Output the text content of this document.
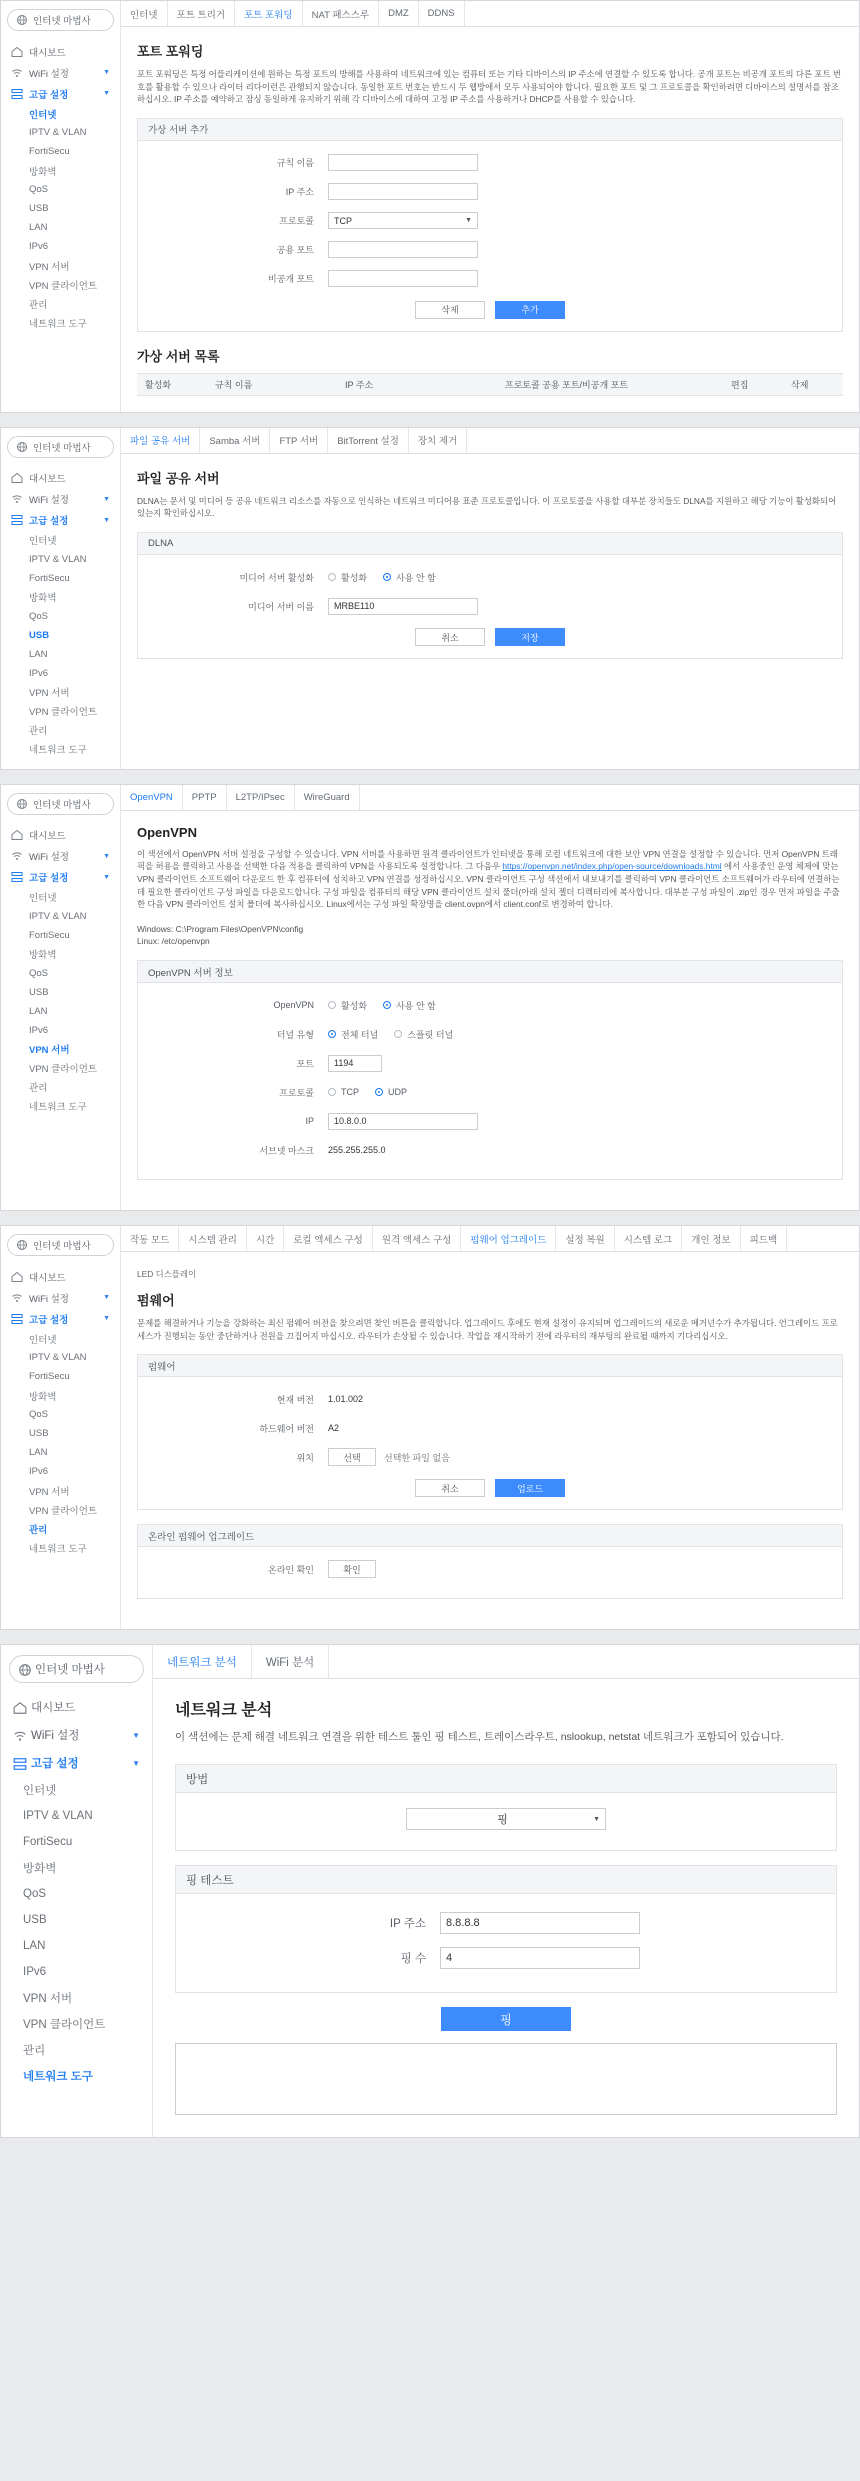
인터넷 마법사
대시보드
WiFi 설정	▼
고급 설정	▼
인터넷
IPTV & VLAN
FortiSecu
방화벽
QoS
USB
LAN
IPv6
VPN 서버
VPN 클라이언트
관리
네트워크 도구
인터넷	포트 트리거	포트 포워딩	NAT 패스스루	DMZ	DDNS
포트 포워딩

포트 포워딩은 특정 어플리케이션에 원하는 특정 포트의 방해를 사용하여 네트워크에 있는 컴퓨터 또는 기타 디바이스의 IP 주소에 연결할 수 있도록 합니다. 공개 포트는 비공개 포트의 다른 포트 번호를 활용할 수 있으나 라이터 리다이런은 관행되지 않습니다. 동일한 포트 번호는 반드시 두 웹방에서 모두 사용되어야 합니다. 필요한 포트 및 그 프로토콜을 확인하려면 디바이스의 설명서를 참조하십시오. IP 주소를 예약하고 잠싱 동일하게 유지하기 위해 각 디바이스에 대하여 고정 IP 주소를 사용하거나 DHCP를 사용할 수 있습니다.

가상 서버 추가
규칙 이름
IP 주소
프로토콜	TCP	▼
공용 포트
비공개 포트
삭제	추가
가상 서버 목록
활성화	규칙 이름	IP 주소	프로토콜 공용 포트/비공개 포트	편집	삭제
인터넷 마법사
대시보드
WiFi 설정	▼
고급 설정	▼
인터넷
IPTV & VLAN
FortiSecu
방화벽
QoS
USB
LAN
IPv6
VPN 서버
VPN 클라이언트
관리
네트워크 도구
파일 공유 서버	Samba 서버	FTP 서버	BitTorrent 설정	장치 제거
파일 공유 서버

DLNA는 문서 및 미디어 등 공유 네트워크 리소스를 자동으로 인식하는 네트워크 미디어용 표준 프로토콜입니다. 이 프로토콜을 사용할 대부분 장치들도 DLNA를 지원하고 해당 기능이 활성화되어 있는지 확인하십시오.

DLNA
미디어 서버 활성화	활성화	사용 안 함
미디어 서버 이름	MRBE110
취소	저장
인터넷 마법사
대시보드
WiFi 설정	▼
고급 설정	▼
인터넷
IPTV & VLAN
FortiSecu
방화벽
QoS
USB
LAN
IPv6
VPN 서버
VPN 클라이언트
관리
네트워크 도구
OpenVPN	PPTP	L2TP/IPsec	WireGuard
OpenVPN

이 색션에서 OpenVPN 서버 설정을 구성할 수 있습니다. VPN 서버를 사용하면 원격 클라이언트가 인터넷을 통해 로컬 네트워크에 대한 보안 VPN 연결을 설정할 수 있습니다. 먼저 OpenVPN 트래픽을 허용을 클릭하고 사용을 선택한 다음 적용을 클릭하여 VPN을 사용되도록 설정합니다. 그 다음우 https://openvpn.net/index.php/open-source/downloads.html 에서 사용중인 운영 체제에 맞는 VPN 클라이언트 소프트웨어 다운로드 한 후 컴퓨터에 성치하고 VPN 연결를 성정하십시오. VPN 클라이언트 구성 색션에서 내보내기를 클릭하여 VPN 클라이언트 소프트웨어가 라우터에 연결하는 데 필요한 클라이언트 구성 파일을 다운로드합니다. 구성 파일을 컴퓨터의 해당 VPN 클라이언트 설치 풀더(아래 설치 젤더 디렉터리에 복사합니다. 대부분 구성 파일이 .zip인 경우 먼저 파일을 주출한 다음 VPN 클라이언트 설치 폴더에 복사하십시오. Linux에서는 구성 파일 확장명을 client.ovpn에서 client.conf로 변경하여 합니다.

Windows: C:\Program Files\OpenVPN\config
Linux: /etc/openvpn

OpenVPN 서버 정보
OpenVPN	활성화	사용 안 함
터널 유형	전체 터널	스플릿 터널
포트	1194
프로토콜	TCP	UDP
IP	10.8.0.0
서브넷 마스크	255.255.255.0
인터넷 마법사
대시보드
WiFi 설정	▼
고급 설정	▼
인터넷
IPTV & VLAN
FortiSecu
방화벽
QoS
USB
LAN
IPv6
VPN 서버
VPN 클라이언트
관리
네트워크 도구
작동 모드	시스템 관리	시간	로컬 액세스 구성	원격 액세스 구성	펌웨어 업그레이드	설정 복원	시스템 로그	개인 정보	피드백
LED 디스플레이
펌웨어

문제를 해결하거나 기능을 강화하는 최신 펌웨어 버전을 찾으려면 찾인 버튼을 클릭합니다. 업그레이드 후에도 현재 설정이 유지되며 업그레이드의 새로운 메거넌수가 추가됩니다. 언그레이드 프로세스가 진행되는 동안 중단하거나 전원을 끄집어지 마십시오. 라우터가 손상될 수 있습니다. 작업을 재시작하기 전에 라우터의 재부팅의 완료될 때까지 기다리십시오.

펌웨어
현재 버전	1.01.002
하드웨어 버전	A2
위치	선택	선택한 파일 없음
취소	업로드
온라인 펌웨어 업그레이드
온라인 확인	확인
인터넷 마법사
대시보드
WiFi 설정	▼
고급 설정	▼
인터넷
IPTV & VLAN
FortiSecu
방화벽
QoS
USB
LAN
IPv6
VPN 서버
VPN 클라이언트
관리
네트워크 도구
네트워크 분석	WiFi 분석
네트워크 분석

이 색션에는 문제 해결 네트워크 연결을 위한 테스트 툴인 핑 테스트, 트레이스라우트, nslookup, netstat 네트워크가 포함되어 있습니다.

방법
핑	▼
핑 테스트
IP 주소	8.8.8.8
핑 수	4
핑
